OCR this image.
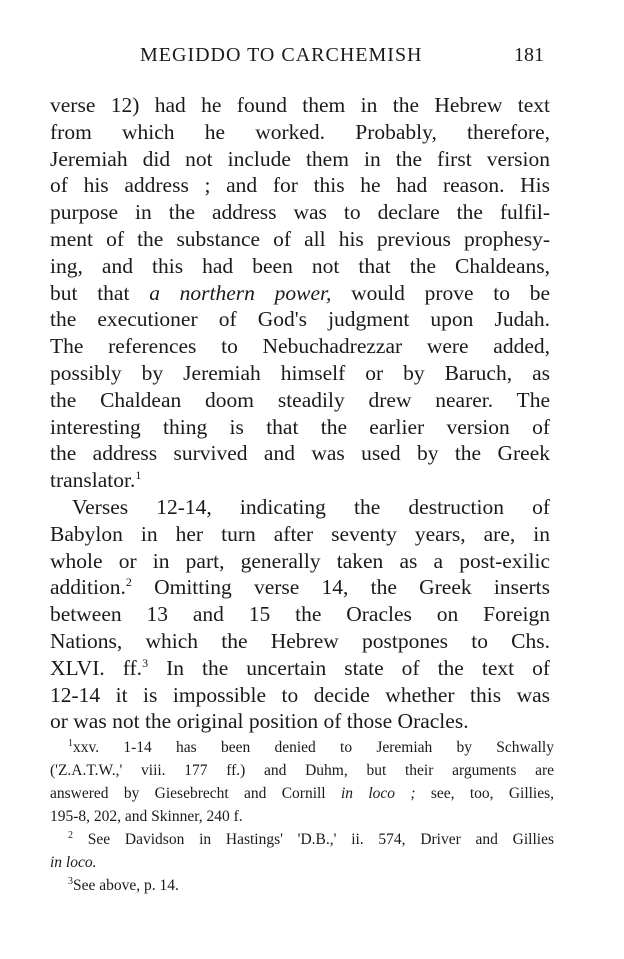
MEGIDDO TO CARCHEMISH	181
verse 12) had he found them in the Hebrew text
from which he worked. Probably, therefore,
Jeremiah did not include them in the first version
of his address ; and for this he had reason. His
purpose in the address was to declare the fulfil-
ment of the substance of all his previous prophesy-
ing, and this had been not that the Chaldeans,
but that a northern power, would prove to be
the executioner of God's judgment upon Judah.
The references to Nebuchadrezzar were added,
possibly by Jeremiah himself or by Baruch, as
the Chaldean doom steadily drew nearer. The
interesting thing is that the earlier version of
the address survived and was used by the Greek
translator.$^1$
Verses 12-14, indicating the destruction of
Babylon in her turn after seventy years, are, in
whole or in part, generally taken as a post-exilic
addition.$^2$ Omitting verse 14, the Greek inserts
between 13 and 15 the Oracles on Foreign
Nations, which the Hebrew postpones to Chs.
XLVI. ff.$^3$ In the uncertain state of the text of
12-14 it is impossible to decide whether this was
or was not the original position of those Oracles.
$^1$xxv. 1-14 has been denied to Jeremiah by Schwally
('Z.A.T.W.,' viii. 177 ff.) and Duhm, but their arguments are
answered by Giesebrecht and Cornill in loco ; see, too, Gillies,
195-8, 202, and Skinner, 240 f.
$^2$ See Davidson in Hastings' 'D.B.,' ii. 574, Driver and Gillies
in loco.
$^3$See above, p. 14.
